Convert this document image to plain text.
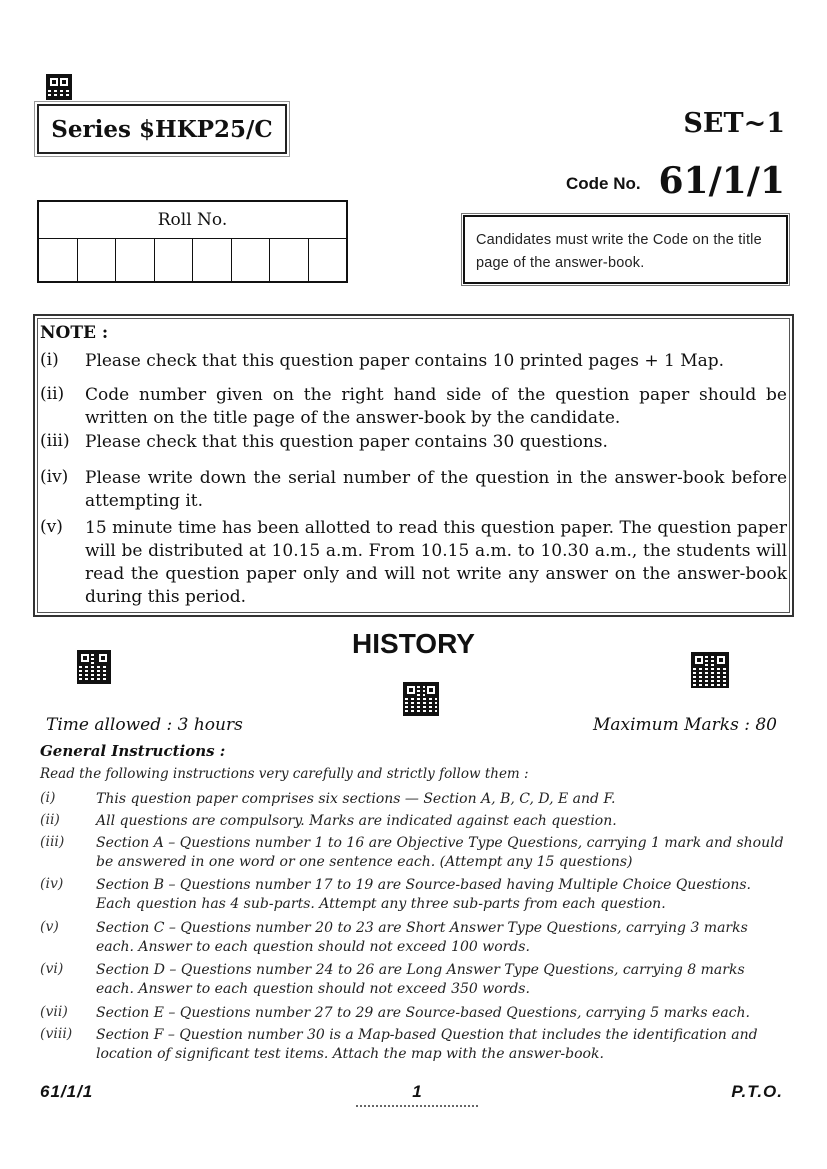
Series $HKP25/C	SET~1
Code No. 61/1/1
Roll No.
Candidates must write the Code on the title page of the answer-book.
NOTE :
(i) Please check that this question paper contains 10 printed pages + 1 Map.
(ii) Code number given on the right hand side of the question paper should be written on the title page of the answer-book by the candidate.
(iii) Please check that this question paper contains 30 questions.
(iv) Please write down the serial number of the question in the answer-book before attempting it.
(v) 15 minute time has been allotted to read this question paper. The question paper will be distributed at 10.15 a.m. From 10.15 a.m. to 10.30 a.m., the students will read the question paper only and will not write any answer on the answer-book during this period.
HISTORY
Time allowed : 3 hours	Maximum Marks : 80
General Instructions :
Read the following instructions very carefully and strictly follow them :
(i)	This question paper comprises six sections — Section A, B, C, D, E and F.
(ii)	All questions are compulsory. Marks are indicated against each question.
(iii) Section A – Questions number 1 to 16 are Objective Type Questions, carrying 1 mark and should be answered in one word or one sentence each. (Attempt any 15 questions)
(iv) Section B – Questions number 17 to 19 are Source-based having Multiple Choice Questions. Each question has 4 sub-parts. Attempt any three sub-parts from each question.
(v)	Section C – Questions number 20 to 23 are Short Answer Type Questions, carrying 3 marks each. Answer to each question should not exceed 100 words.
(vi) Section D – Questions number 24 to 26 are Long Answer Type Questions, carrying 8 marks each. Answer to each question should not exceed 350 words.
(vii) Section E – Questions number 27 to 29 are Source-based Questions, carrying 5 marks each.
(viii) Section F – Question number 30 is a Map-based Question that includes the identification and location of significant test items. Attach the map with the answer-book.
61/1/1	1	P.T.O.
